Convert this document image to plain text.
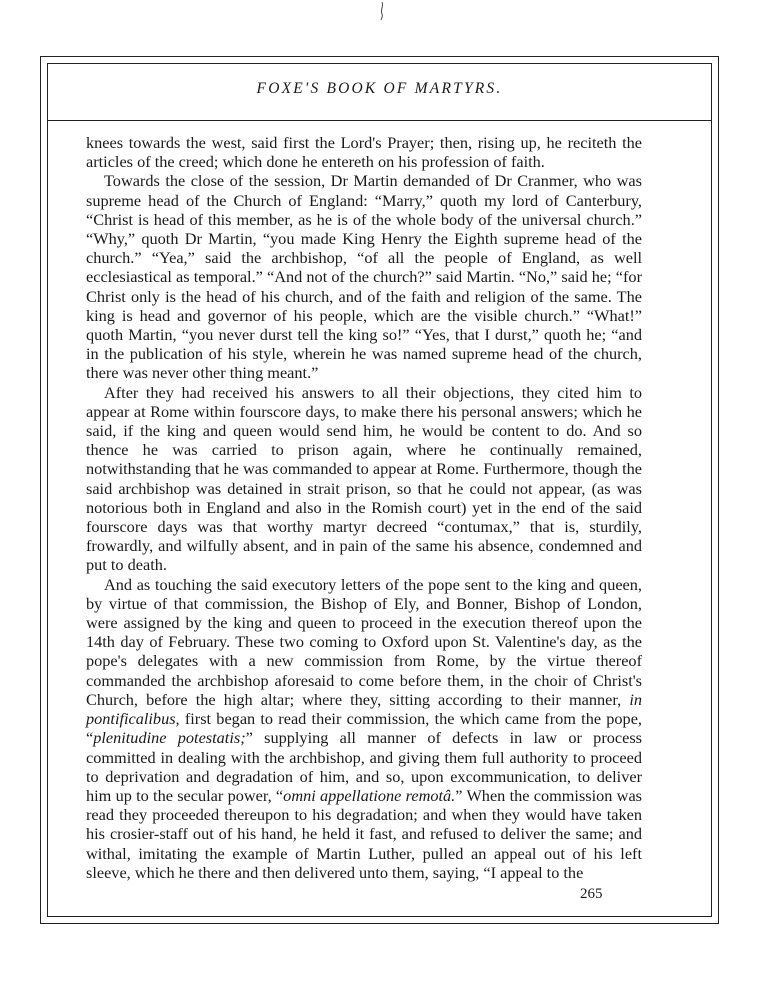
FOXE'S BOOK OF MARTYRS.

knees towards the west, said first the Lord's Prayer; then, rising up, he reciteth the articles of the creed; which done he entereth on his profession of faith.

Towards the close of the session, Dr Martin demanded of Dr Cranmer, who was supreme head of the Church of England: “Marry,” quoth my lord of Canterbury, “Christ is head of this member, as he is of the whole body of the universal church.” “Why,” quoth Dr Martin, “you made King Henry the Eighth supreme head of the church.” “Yea,” said the archbishop, “of all the people of England, as well ecclesiastical as temporal.” “And not of the church?” said Martin. “No,” said he; “for Christ only is the head of his church, and of the faith and religion of the same. The king is head and governor of his people, which are the visible church.” “What!” quoth Martin, “you never durst tell the king so!” “Yes, that I durst,” quoth he; “and in the publication of his style, wherein he was named supreme head of the church, there was never other thing meant.”

After they had received his answers to all their objections, they cited him to appear at Rome within fourscore days, to make there his personal answers; which he said, if the king and queen would send him, he would be content to do. And so thence he was carried to prison again, where he continually remained, notwithstanding that he was commanded to appear at Rome. Furthermore, though the said archbishop was detained in strait prison, so that he could not appear, (as was notorious both in England and also in the Romish court) yet in the end of the said fourscore days was that worthy martyr decreed “contumax,” that is, sturdily, frowardly, and wilfully absent, and in pain of the same his absence, condemned and put to death.

And as touching the said executory letters of the pope sent to the king and queen, by virtue of that commission, the Bishop of Ely, and Bonner, Bishop of London, were assigned by the king and queen to proceed in the execution thereof upon the 14th day of February. These two coming to Oxford upon St. Valentine's day, as the pope's delegates with a new commission from Rome, by the virtue thereof commanded the archbishop aforesaid to come before them, in the choir of Christ's Church, before the high altar; where they, sitting according to their manner, in pontificalibus, first began to read their commission, the which came from the pope, “plenitudine potestatis;” supplying all manner of defects in law or process committed in dealing with the archbishop, and giving them full authority to proceed to deprivation and degradation of him, and so, upon excommunication, to deliver him up to the secular power, “omni appellatione remotâ.” When the commission was read they proceeded thereupon to his degradation; and when they would have taken his crosier-staff out of his hand, he held it fast, and refused to deliver the same; and withal, imitating the example of Martin Luther, pulled an appeal out of his left sleeve, which he there and then delivered unto them, saying, “I appeal to the

265
